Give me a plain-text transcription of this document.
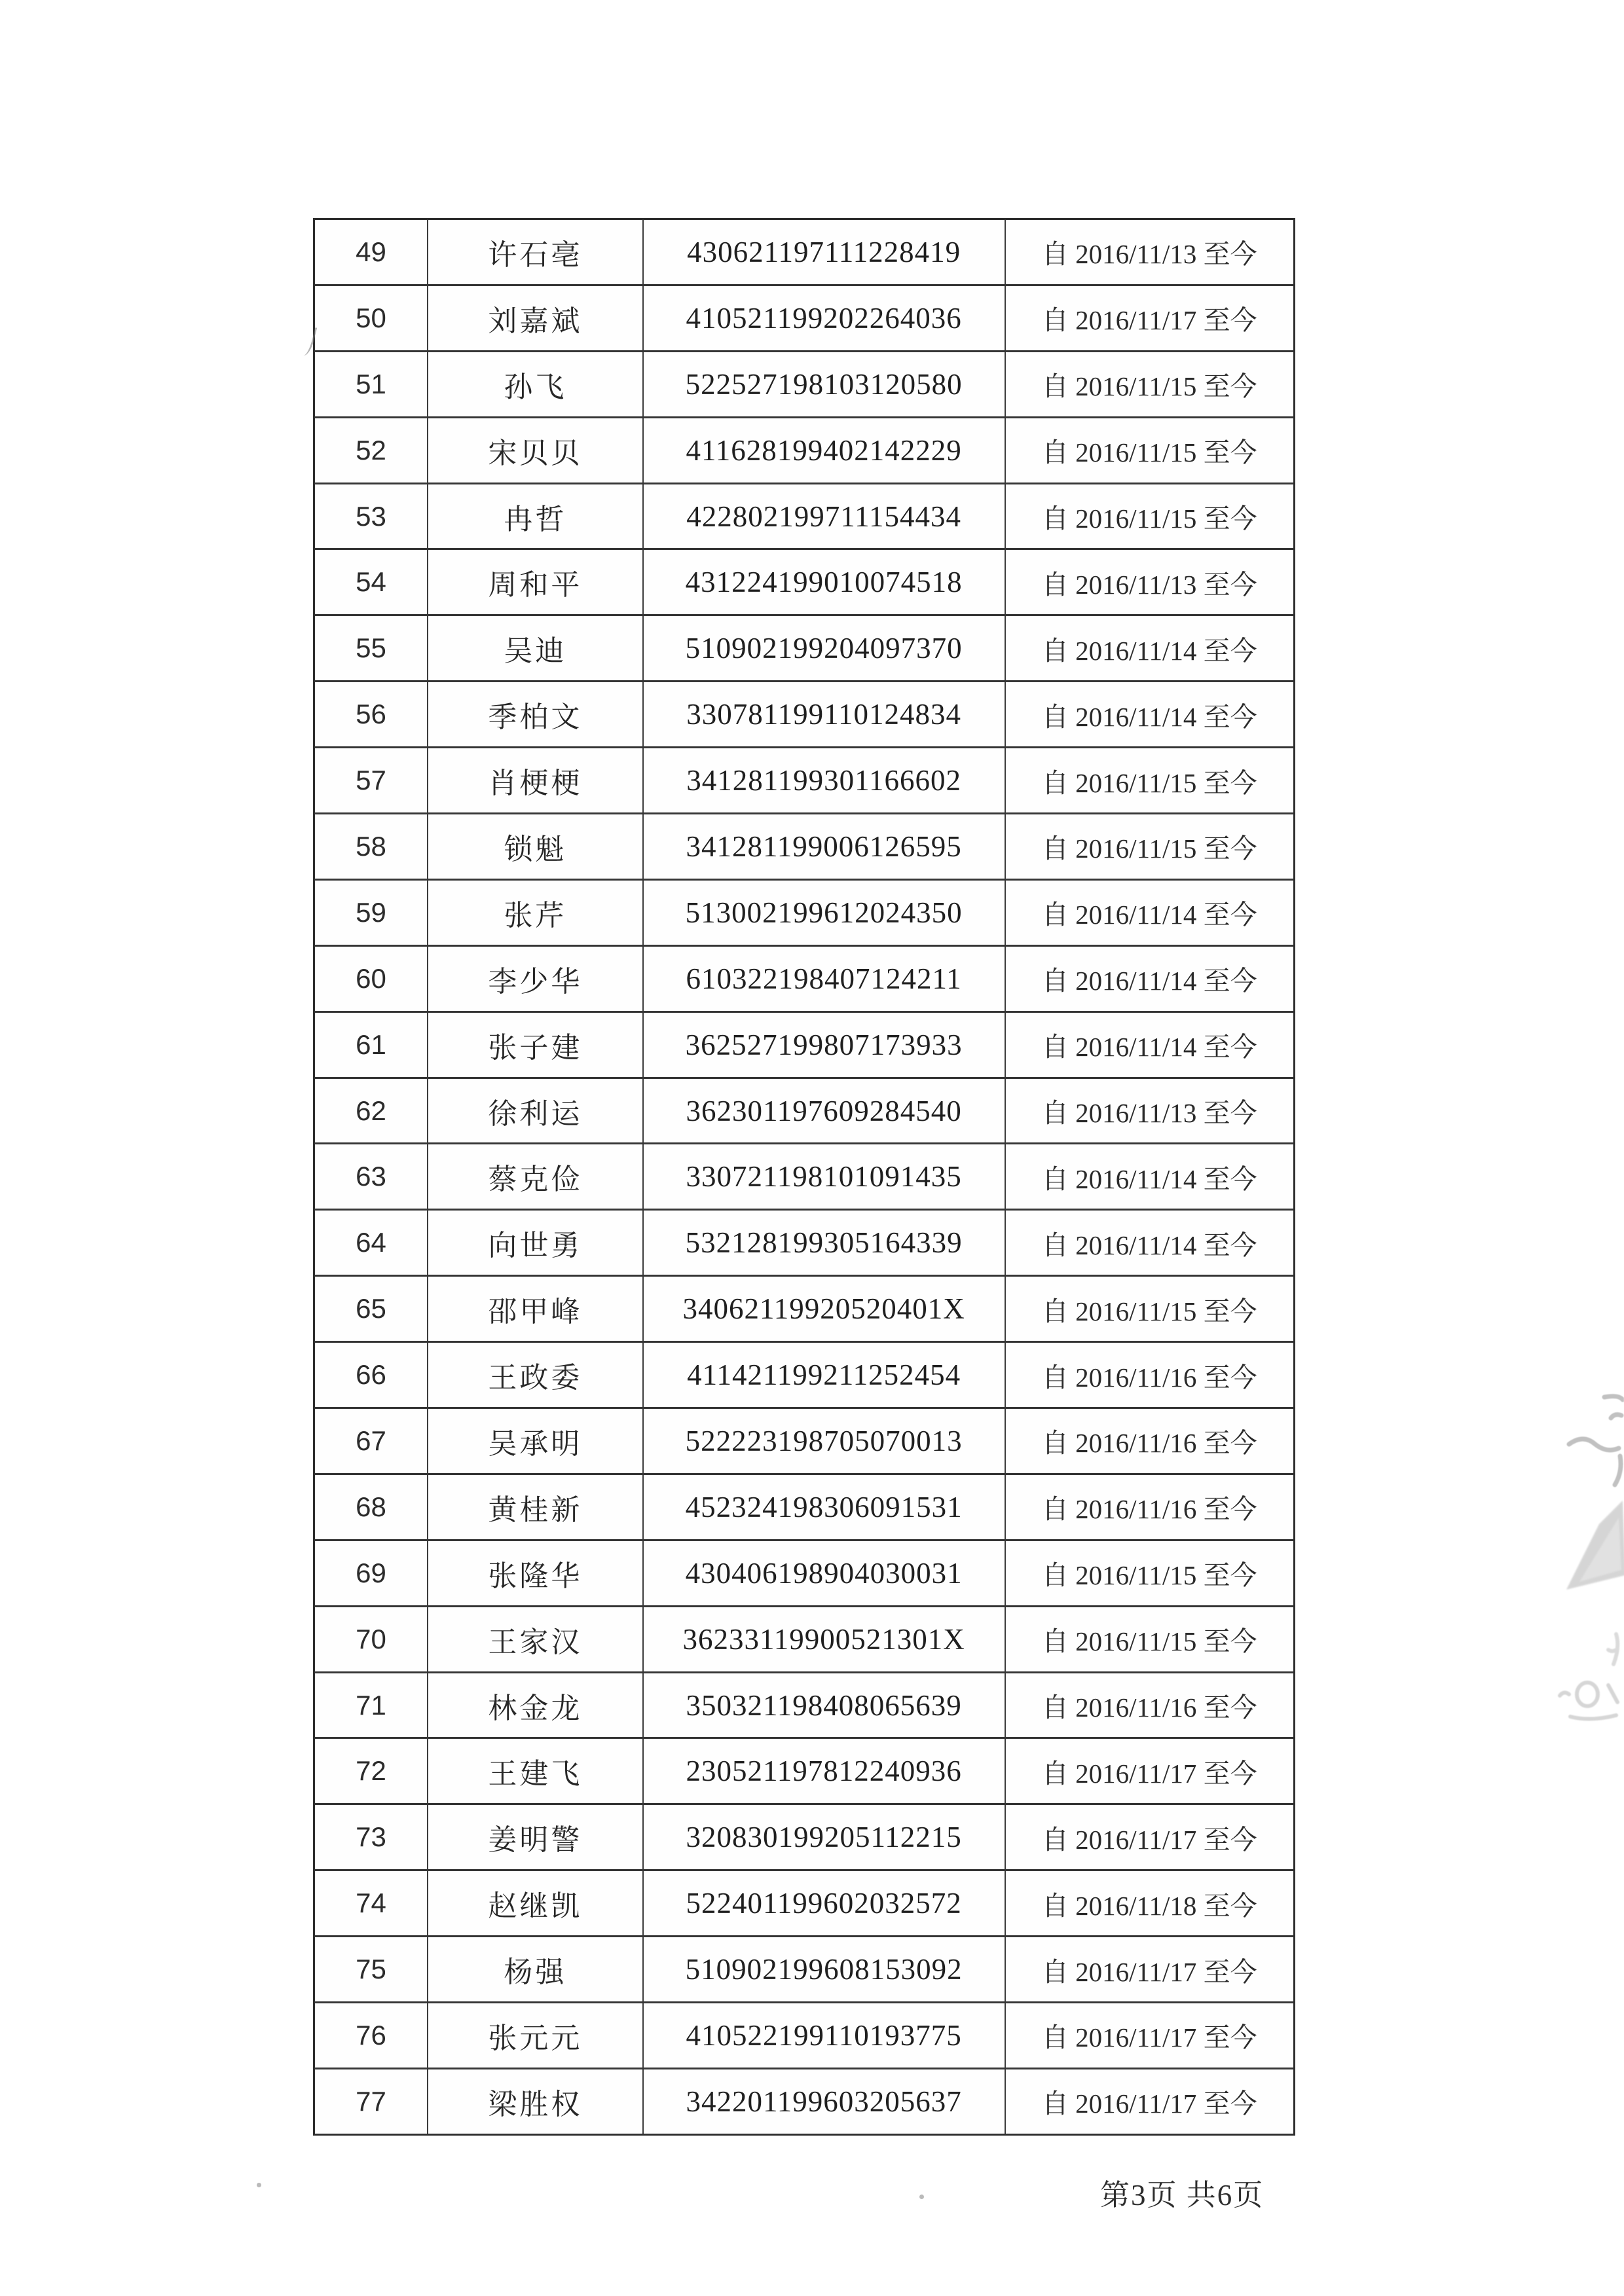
49	许石亳	430621197111228419	自 2016/11/13 至今
50	刘嘉斌	410521199202264036	自 2016/11/17 至今
51	孙飞	522527198103120580	自 2016/11/15 至今
52	宋贝贝	411628199402142229	自 2016/11/15 至今
53	冉哲	422802199711154434	自 2016/11/15 至今
54	周和平	431224199010074518	自 2016/11/13 至今
55	吴迪	510902199204097370	自 2016/11/14 至今
56	季柏文	330781199110124834	自 2016/11/14 至今
57	肖梗梗	341281199301166602	自 2016/11/15 至今
58	锁魁	341281199006126595	自 2016/11/15 至今
59	张芹	513002199612024350	自 2016/11/14 至今
60	李少华	610322198407124211	自 2016/11/14 至今
61	张子建	362527199807173933	自 2016/11/14 至今
62	徐利运	362301197609284540	自 2016/11/13 至今
63	蔡克俭	330721198101091435	自 2016/11/14 至今
64	向世勇	532128199305164339	自 2016/11/14 至今
65	邵甲峰	34062119920520401X	自 2016/11/15 至今
66	王政委	411421199211252454	自 2016/11/16 至今
67	吴承明	522223198705070013	自 2016/11/16 至今
68	黄桂新	452324198306091531	自 2016/11/16 至今
69	张隆华	430406198904030031	自 2016/11/15 至今
70	王家汉	36233119900521301X	自 2016/11/15 至今
71	林金龙	350321198408065639	自 2016/11/16 至今
72	王建飞	230521197812240936	自 2016/11/17 至今
73	姜明警	320830199205112215	自 2016/11/17 至今
74	赵继凯	522401199602032572	自 2016/11/18 至今
75	杨强	510902199608153092	自 2016/11/17 至今
76	张元元	410522199110193775	自 2016/11/17 至今
77	梁胜权	342201199603205637	自 2016/11/17 至今
第3页 共6页
